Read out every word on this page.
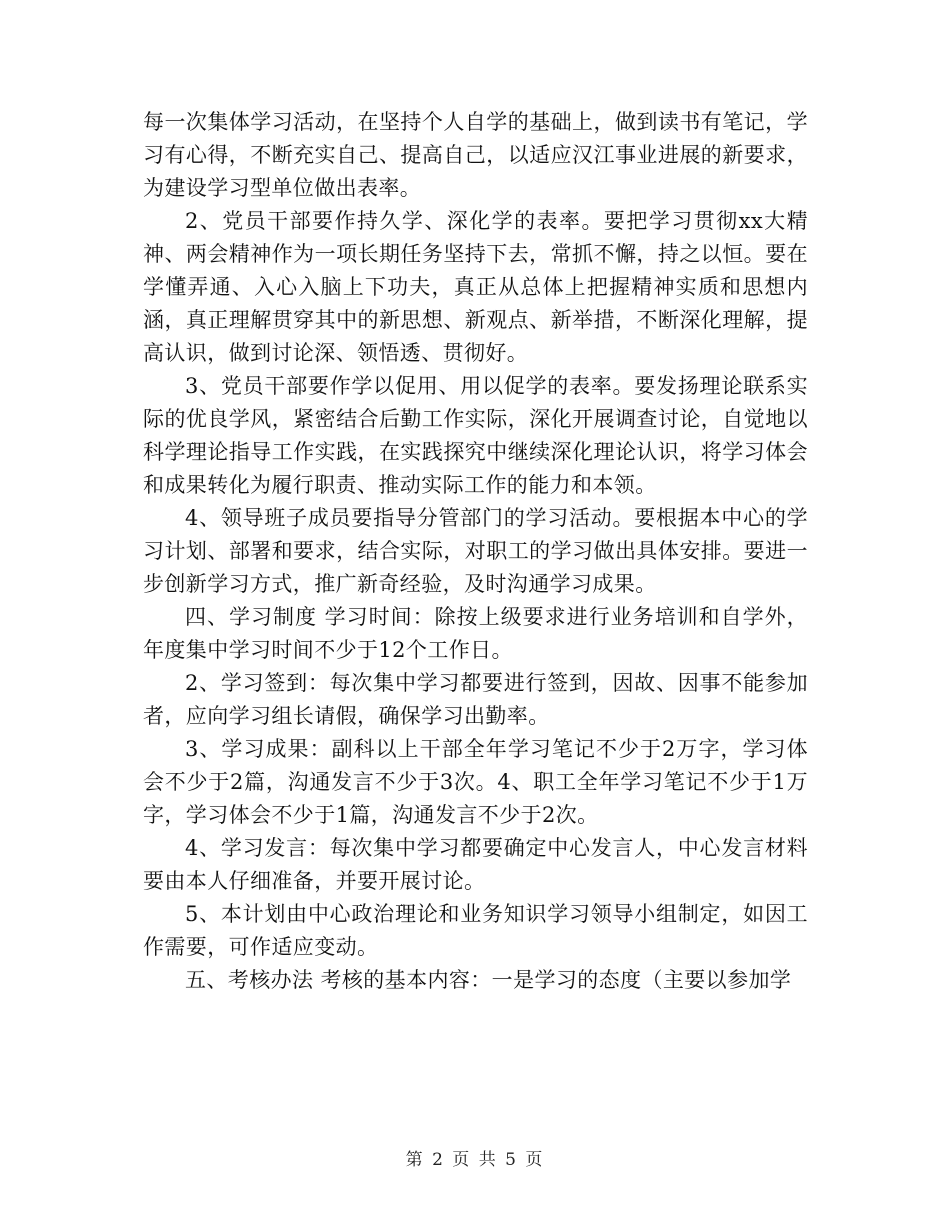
每一次集体学习活动，在坚持个人自学的基础上，做到读书有笔记，学习有心得，不断充实自己、提高自己，以适应汉江事业进展的新要求，为建设学习型单位做出表率。

2、党员干部要作持久学、深化学的表率。要把学习贯彻xx大精神、两会精神作为一项长期任务坚持下去，常抓不懈，持之以恒。要在学懂弄通、入心入脑上下功夫，真正从总体上把握精神实质和思想内涵，真正理解贯穿其中的新思想、新观点、新举措，不断深化理解，提高认识，做到讨论深、领悟透、贯彻好。

3、党员干部要作学以促用、用以促学的表率。要发扬理论联系实际的优良学风，紧密结合后勤工作实际，深化开展调查讨论，自觉地以科学理论指导工作实践，在实践探究中继续深化理论认识，将学习体会和成果转化为履行职责、推动实际工作的能力和本领。

4、领导班子成员要指导分管部门的学习活动。要根据本中心的学习计划、部署和要求，结合实际，对职工的学习做出具体安排。要进一步创新学习方式，推广新奇经验，及时沟通学习成果。

四、学习制度 学习时间：除按上级要求进行业务培训和自学外，年度集中学习时间不少于12个工作日。

2、学习签到：每次集中学习都要进行签到，因故、因事不能参加者，应向学习组长请假，确保学习出勤率。

3、学习成果：副科以上干部全年学习笔记不少于2万字，学习体会不少于2篇，沟通发言不少于3次。4、职工全年学习笔记不少于1万字，学习体会不少于1篇，沟通发言不少于2次。

4、学习发言：每次集中学习都要确定中心发言人，中心发言材料要由本人仔细准备，并要开展讨论。

5、本计划由中心政治理论和业务知识学习领导小组制定，如因工作需要，可作适应变动。

五、考核办法 考核的基本内容：一是学习的态度（主要以参加学

第 2 页 共 5 页
